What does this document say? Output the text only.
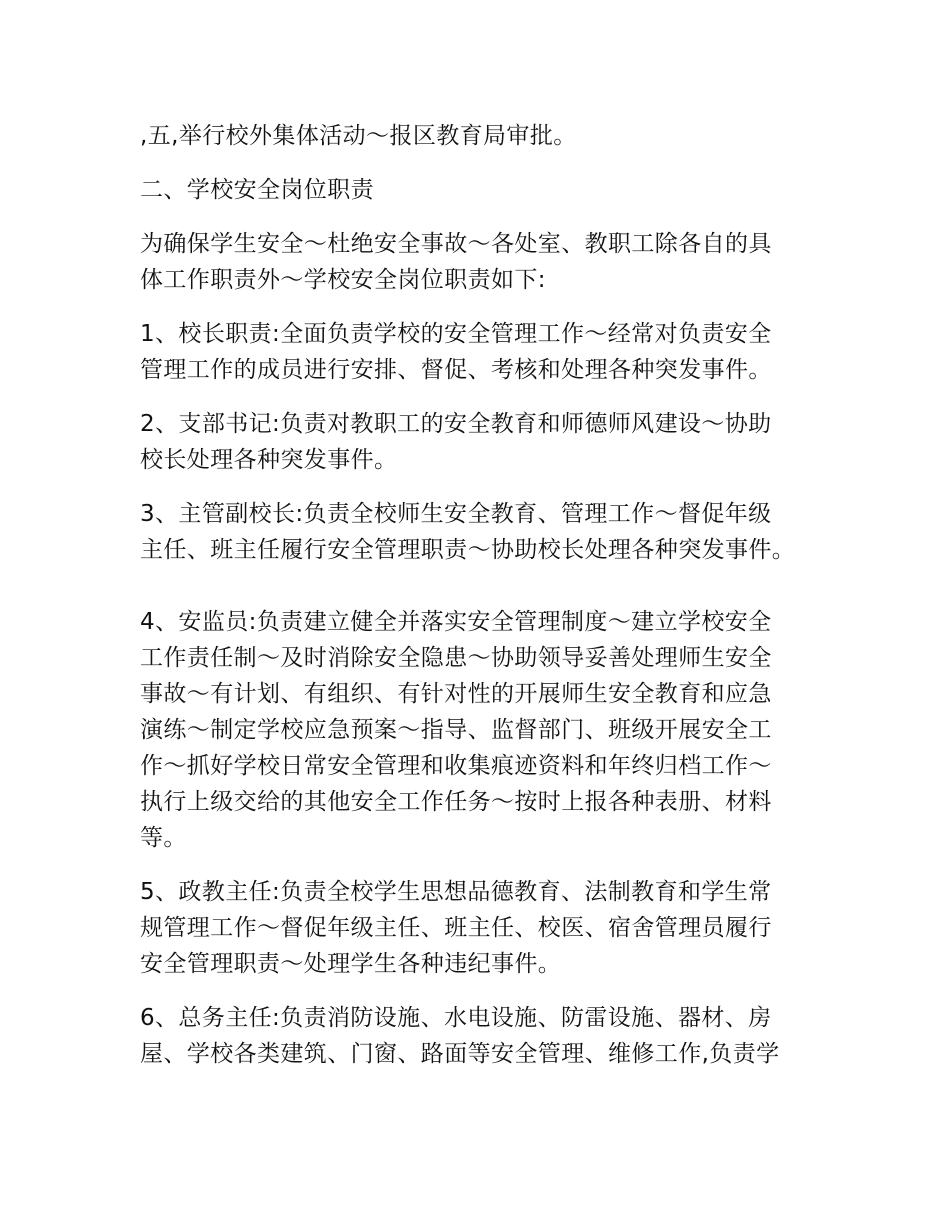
,五,举行校外集体活动～报区教育局审批。

二、学校安全岗位职责

为确保学生安全～杜绝安全事故～各处室、教职工除各自的具
体工作职责外～学校安全岗位职责如下:

1、校长职责:全面负责学校的安全管理工作～经常对负责安全
管理工作的成员进行安排、督促、考核和处理各种突发事件。

2、支部书记:负责对教职工的安全教育和师德师风建设～协助
校长处理各种突发事件。

3、主管副校长:负责全校师生安全教育、管理工作～督促年级
主任、班主任履行安全管理职责～协助校长处理各种突发事件。

4、安监员:负责建立健全并落实安全管理制度～建立学校安全
工作责任制～及时消除安全隐患～协助领导妥善处理师生安全
事故～有计划、有组织、有针对性的开展师生安全教育和应急
演练～制定学校应急预案～指导、监督部门、班级开展安全工
作～抓好学校日常安全管理和收集痕迹资料和年终归档工作～
执行上级交给的其他安全工作任务～按时上报各种表册、材料
等。

5、政教主任:负责全校学生思想品德教育、法制教育和学生常
规管理工作～督促年级主任、班主任、校医、宿舍管理员履行
安全管理职责～处理学生各种违纪事件。

6、总务主任:负责消防设施、水电设施、防雷设施、器材、房
屋、学校各类建筑、门窗、路面等安全管理、维修工作,负责学
